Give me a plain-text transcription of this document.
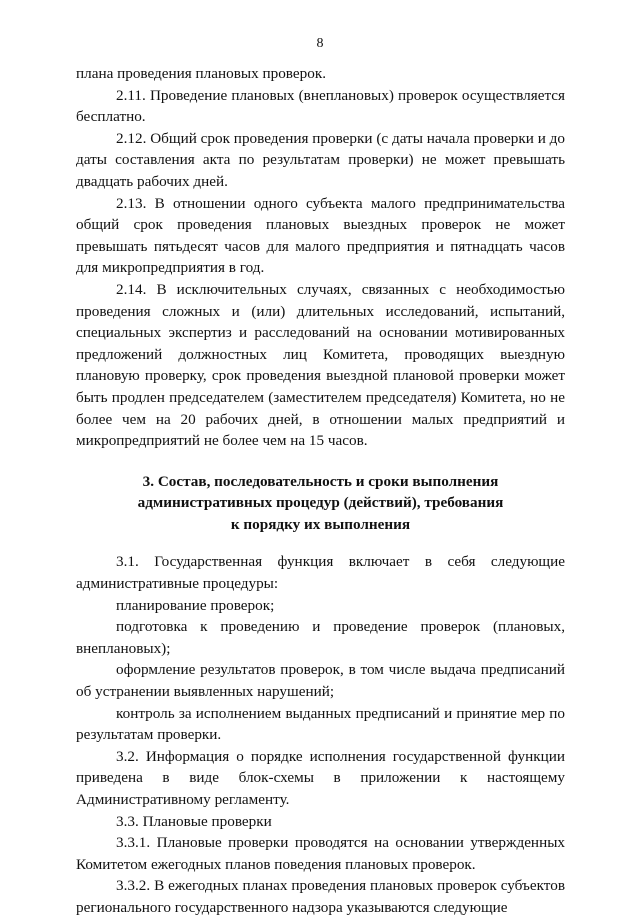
8

плана проведения плановых проверок.

2.11. Проведение плановых (внеплановых) проверок осуществляется бесплатно.

2.12. Общий срок проведения проверки (с даты начала проверки и до даты составления акта по результатам проверки) не может превышать двадцать рабочих дней.

2.13. В отношении одного субъекта малого предпринимательства общий срок проведения плановых выездных проверок не может превышать пятьдесят часов для малого предприятия и пятнадцать часов для микропредприятия в год.

2.14. В исключительных случаях, связанных с необходимостью проведения сложных и (или) длительных исследований, испытаний, специальных экспертиз и расследований на основании мотивированных предложений должностных лиц Комитета, проводящих выездную плановую проверку, срок проведения выездной плановой проверки может быть продлен председателем (заместителем председателя) Комитета, но не более чем на 20 рабочих дней, в отношении малых предприятий и микропредприятий не более чем на 15 часов.

3. Состав, последовательность и сроки выполнения
административных процедур (действий), требования
к порядку их выполнения

3.1. Государственная функция включает в себя следующие административные процедуры:

планирование проверок;

подготовка к проведению и проведение проверок (плановых, внеплановых);

оформление результатов проверок, в том числе выдача предписаний об устранении выявленных нарушений;

контроль за исполнением выданных предписаний и принятие мер по результатам проверки.

3.2. Информация о порядке исполнения государственной функции приведена в виде блок-схемы в приложении к настоящему Административному регламенту.

3.3. Плановые проверки

3.3.1. Плановые проверки проводятся на основании утвержденных Комитетом ежегодных планов поведения плановых проверок.

3.3.2. В ежегодных планах проведения плановых проверок субъектов регионального государственного надзора указываются следующие
